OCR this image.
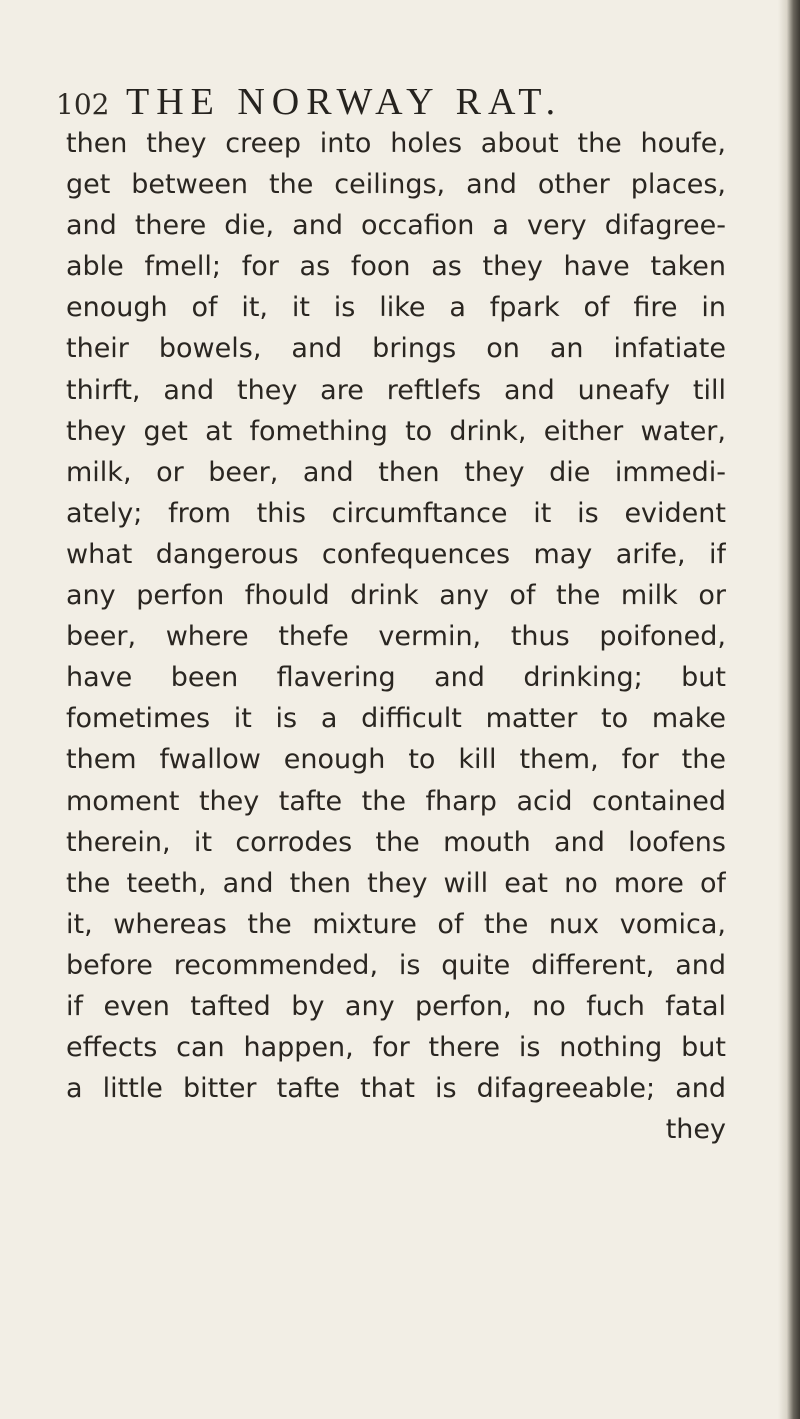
102 THE NORWAY RAT.
then they creep into holes about the houfe,
get between the ceilings, and other places,
and there die, and occafion a very difagree-
able fmell; for as foon as they have taken
enough of it, it is like a fpark of fire in
their bowels, and brings on an infatiate
thirft, and they are reftlefs and uneafy till
they get at fomething to drink, either water,
milk, or beer, and then they die immedi-
ately; from this circumftance it is evident
what dangerous confequences may arife, if
any perfon fhould drink any of the milk or
beer, where thefe vermin, thus poifoned,
have been flavering and drinking; but
fometimes it is a difficult matter to make
them fwallow enough to kill them, for the
moment they tafte the fharp acid contained
therein, it corrodes the mouth and loofens
the teeth, and then they will eat no more of
it, whereas the mixture of the nux vomica,
before recommended, is quite different, and
if even tafted by any perfon, no fuch fatal
effects can happen, for there is nothing but
a little bitter tafte that is difagreeable; and
they
